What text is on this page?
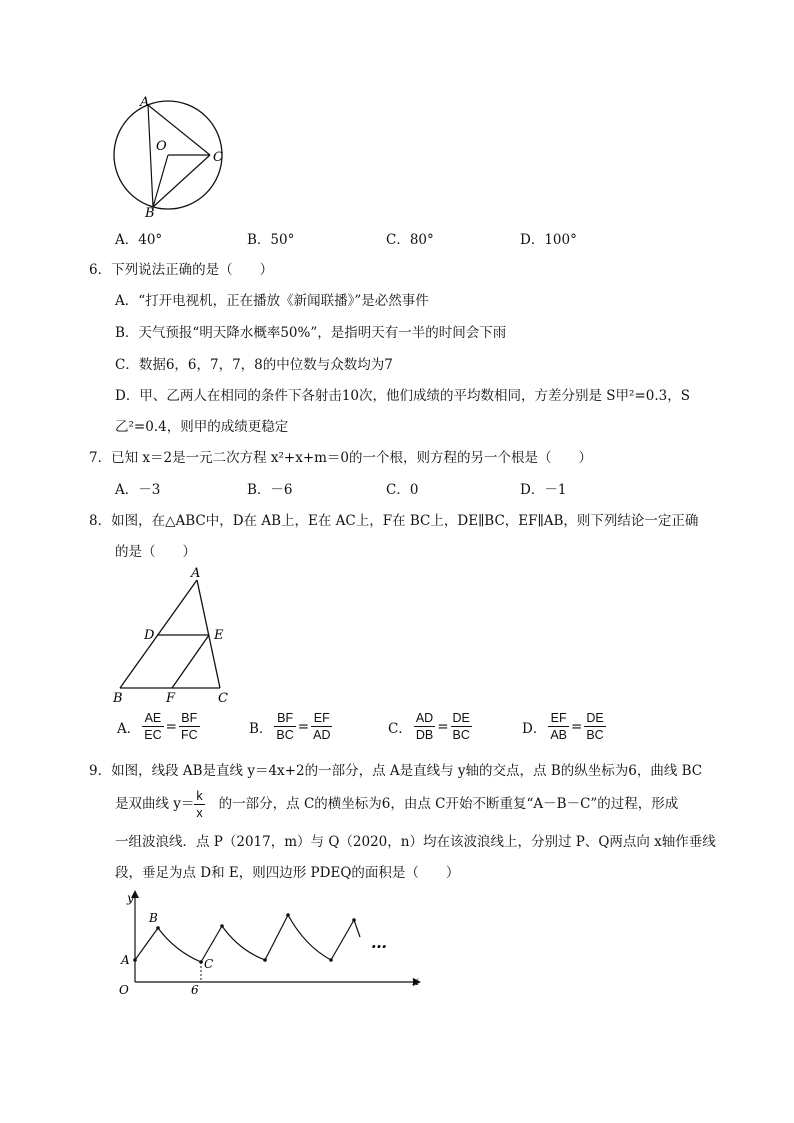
A
O
C
B
A．40°	B．50°	C．80°	D．100°
6．下列说法正确的是（　　）
A．“打开电视机，正在播放《新闻联播》”是必然事件
B．天气预报“明天降水概率50%”，是指明天有一半的时间会下雨
C．数据6，6，7，7，8的中位数与众数均为7
D．甲、乙两人在相同的条件下各射击10次，他们成绩的平均数相同，方差分别是 S甲²=0.3，S
乙²=0.4，则甲的成绩更稳定
7．已知 x＝2是一元二次方程 x²+x+m＝0的一个根，则方程的另一个根是（　　）
A．－3	B．－6	C．0	D．－1
8．如图，在△ABC中，D在 AB上，E在 AC上，F在 BC上，DE∥BC，EF∥AB，则下列结论一定正确
的是（　　）
A
D	E
B	F	C
A． $\frac{AE}{EC} = \frac{BF}{FC}$	B． $\frac{BF}{BC} = \frac{EF}{AD}$	C． $\frac{AD}{DB} = \frac{DE}{BC}$	D． $\frac{EF}{AB} = \frac{DE}{BC}$
9．如图，线段 AB是直线 y＝4x+2的一部分，点 A是直线与 y轴的交点，点 B的纵坐标为6，曲线 BC
是双曲线 $y= \frac{k}{x}$ 的一部分，点 C的横坐标为6，由点 C开始不断重复“A－B－C”的过程，形成
一组波浪线．点 P（2017，m）与 Q（2020，n）均在该波浪线上，分别过 P、Q两点向 x轴作垂线
段，垂足为点 D和 E，则四边形 PDEQ的面积是（　　）
y
x
B
A	C
O	6
…
